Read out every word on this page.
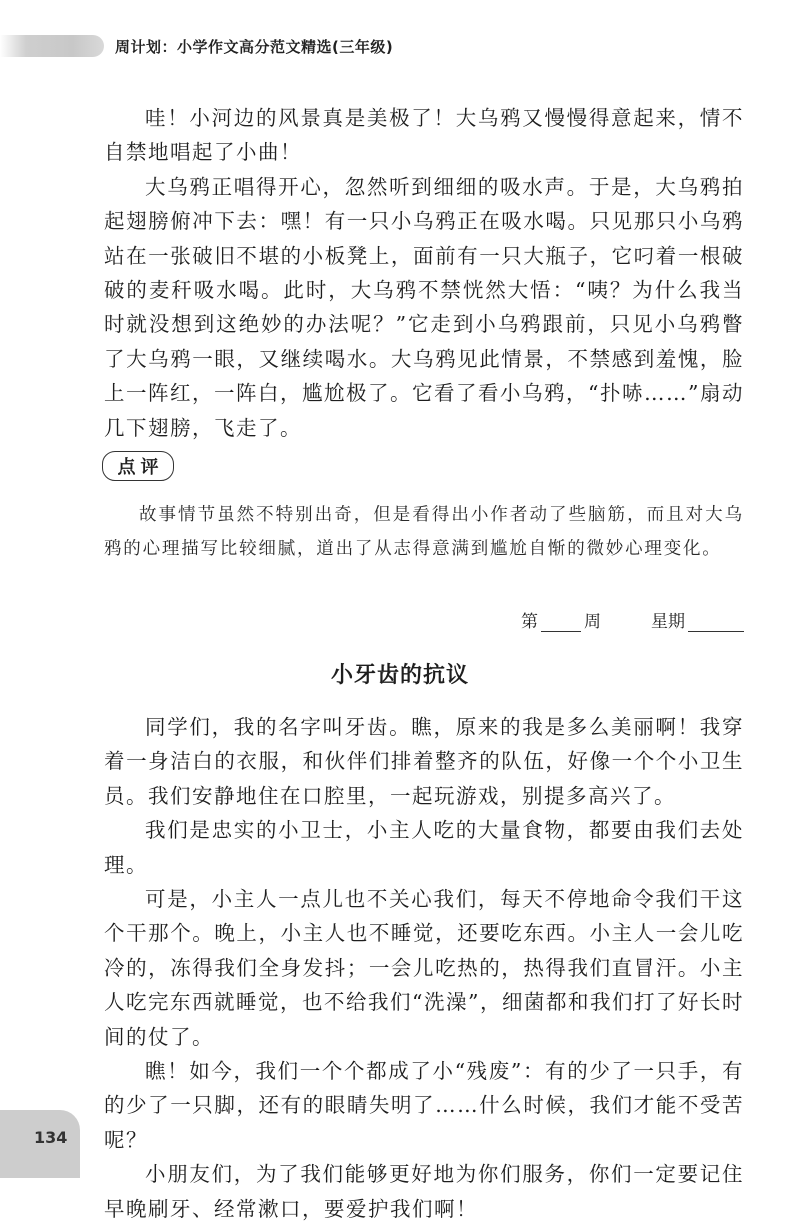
周计划：小学作文高分范文精选(三年级)

哇！小河边的风景真是美极了！大乌鸦又慢慢得意起来，情不自禁地唱起了小曲！

大乌鸦正唱得开心，忽然听到细细的吸水声。于是，大乌鸦拍起翅膀俯冲下去：嘿！有一只小乌鸦正在吸水喝。只见那只小乌鸦站在一张破旧不堪的小板凳上，面前有一只大瓶子，它叼着一根破破的麦秆吸水喝。此时，大乌鸦不禁恍然大悟：“咦？为什么我当时就没想到这绝妙的办法呢？”它走到小乌鸦跟前，只见小乌鸦瞥了大乌鸦一眼，又继续喝水。大乌鸦见此情景，不禁感到羞愧，脸上一阵红，一阵白，尴尬极了。它看了看小乌鸦，“扑哧……”扇动几下翅膀，飞走了。

点评

故事情节虽然不特别出奇，但是看得出小作者动了些脑筋，而且对大乌鸦的心理描写比较细腻，道出了从志得意满到尴尬自惭的微妙心理变化。

第	周	星期
小牙齿的抗议

同学们，我的名字叫牙齿。瞧，原来的我是多么美丽啊！我穿着一身洁白的衣服，和伙伴们排着整齐的队伍，好像一个个小卫生员。我们安静地住在口腔里，一起玩游戏，别提多高兴了。

我们是忠实的小卫士，小主人吃的大量食物，都要由我们去处理。

可是，小主人一点儿也不关心我们，每天不停地命令我们干这个干那个。晚上，小主人也不睡觉，还要吃东西。小主人一会儿吃冷的，冻得我们全身发抖；一会儿吃热的，热得我们直冒汗。小主人吃完东西就睡觉，也不给我们“洗澡”，细菌都和我们打了好长时间的仗了。

瞧！如今，我们一个个都成了小“残废”：有的少了一只手，有的少了一只脚，还有的眼睛失明了……什么时候，我们才能不受苦呢？

小朋友们，为了我们能够更好地为你们服务，你们一定要记住早晚刷牙、经常漱口，要爱护我们啊！

134
